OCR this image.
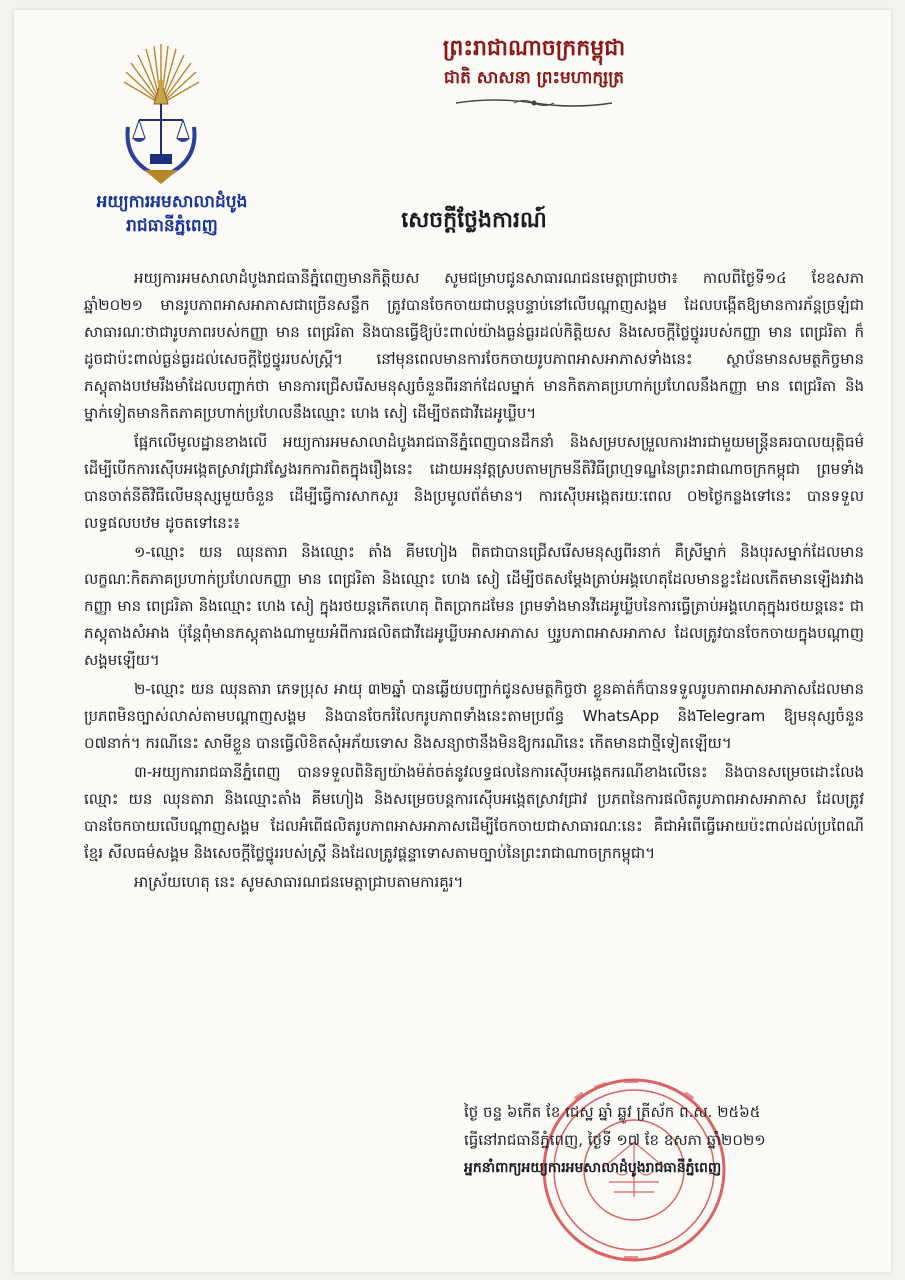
អយ្យការអមសាលាដំបូង
រាជធានីភ្នំពេញ
ព្រះរាជាណាចក្រកម្ពុជា
ជាតិ សាសនា ព្រះមហាក្សត្រ
សេចក្តីថ្លែងការណ៍

អយ្យការអមសាលាដំបូងរាជធានីភ្នំពេញមានកិត្តិយស សូមជម្រាបជូនសាធារណជនមេត្តាជ្រាបថា៖ កាលពីថ្ងៃទី១៤ ខែឧសភា ឆ្នាំ២០២១ មានរូបភាពអាសអាភាសជាច្រើនសន្លឹក ត្រូវបានចែកចាយជាបន្តបន្ទាប់នៅលើបណ្តាញសង្គម ដែលបង្កើតឱ្យមានការភ័ន្តច្រឡំជាសាធារណៈថាជារូបភាពរបស់កញ្ញា មាន ពេជ្ររិតា និងបានធ្វើឱ្យប៉ះពាល់យ៉ាងធ្ងន់ធ្ងរដល់កិត្តិយស និងសេចក្តីថ្លៃថ្នូររបស់កញ្ញា មាន ពេជ្ររិតា ក៏ដូចជាប៉ះពាល់ធ្ងន់ធ្ងរដល់សេចក្តីថ្លៃថ្នូររបស់ស្ត្រី។ នៅមុនពេលមានការចែកចាយរូបភាពអាសអាភាសទាំងនេះ ស្ថាប័នមានសមត្ថកិច្ចមានភស្តុតាងបឋមរឹងមាំដែលបញ្ជាក់ថា មានការជ្រើសរើសមនុស្សចំនួនពីរនាក់ដែលម្នាក់ មានកិតភាគប្រហាក់ប្រហែលនឹងកញ្ញា មាន ពេជ្ររិតា និងម្នាក់ទៀតមានកិតភាគប្រហាក់ប្រហែលនឹងឈ្មោះ ហេង សៀ ដើម្បីថតជាវីដេអូឃ្លីប។

ផ្អែកលើមូលដ្ឋានខាងលើ អយ្យការអមសាលាដំបូងរាជធានីភ្នំពេញបានដឹកនាំ និងសម្របសម្រួលការងារជាមួយមន្ត្រីនគរបាលយុត្តិធម៌ ដើម្បីបើកការស៊ើបអង្កេតស្រាវជ្រាវស្វែងរកការពិតក្នុងរឿងនេះ ដោយអនុវត្តស្របតាមក្រមនីតិវិធីព្រហ្មទណ្ឌនៃព្រះរាជាណាចក្រកម្ពុជា ព្រមទាំងបានចាត់នីតិវិធីលើមនុស្សមួយចំនួន ដើម្បីធ្វើការសាកសួរ និងប្រមូលព័ត៌មាន។ ការស៊ើបអង្កេតរយៈពេល ០២ថ្ងៃកន្លងទៅនេះ បានទទួលលទ្ធផលបឋម ដូចតទៅនេះ៖

១-ឈ្មោះ យន ឈុនតារា និងឈ្មោះ តាំង គីមហៀង ពិតជាបានជ្រើសរើសមនុស្សពីរនាក់ គឺស្រីម្នាក់ និងបុរសម្នាក់ដែលមានលក្ខណៈកិតភាគប្រហាក់ប្រហែលកញ្ញា មាន ពេជ្ររិតា និងឈ្មោះ ហេង សៀ ដើម្បីថតសម្តែងត្រាប់អង្គហេតុដែលមានខ្លះដែលកើតមានឡើងរវាងកញ្ញា មាន ពេជ្ររិតា និងឈ្មោះ ហេង សៀ ក្នុងរថយន្តកើតហេតុ ពិតប្រាកដមែន ព្រមទាំងមានវីដេអូឃ្លីបនៃការធ្វើត្រាប់អង្គហេតុក្នុងរថយន្តនេះ ជាភស្តុតាងសំអាង ប៉ុន្តែពុំមានភស្តុតាងណាមួយអំពីការផលិតជាវីដេអូឃ្លីបអាសអាភាស ឬរូបភាពអាសអាភាស ដែលត្រូវបានចែកចាយក្នុងបណ្តាញសង្គមឡើយ។

២-ឈ្មោះ យន ឈុនតារា ភេទប្រុស អាយុ ៣២ឆ្នាំ បានឆ្លើយបញ្ជាក់ជូនសមត្ថកិច្ចថា ខ្លួនគាត់ក៏បានទទួលរូបភាពអាសអាភាសដែលមានប្រភពមិនច្បាស់លាស់តាមបណ្តាញសង្គម និងបានចែករំលែករូបភាពទាំងនេះតាមប្រព័ន្ធ WhatsApp និងTelegram ឱ្យមនុស្សចំនួន ០៧នាក់។ ករណីនេះ សាមីខ្លួន បានធ្វើលិខិតសុំអភ័យទោស និងសន្យាថានឹងមិនឱ្យករណីនេះ កើតមានជាថ្មីទៀតឡើយ។

៣-អយ្យការរាជធានីភ្នំពេញ បានទទួលពិនិត្យយ៉ាងម៉ត់ចត់នូវលទ្ធផលនៃការស៊ើបអង្កេតករណីខាងលើនេះ និងបានសម្រេចដោះលែងឈ្មោះ យន ឈុនតារា និងឈ្មោះតាំង គីមហៀង និងសម្រេចបន្តការស៊ើបអង្កេតស្រាវជ្រាវ ប្រភពនៃការផលិតរូបភាពអាសអាភាស ដែលត្រូវបានចែកចាយលើបណ្តាញសង្គម ដែលអំពើផលិតរូបភាពអាសអាភាសដើម្បីចែកចាយជាសាធារណៈនេះ គឺជាអំពើធ្វើអោយប៉ះពាល់ដល់ប្រពៃណីខ្មែរ សីលធម៌សង្គម និងសេចក្តីថ្លៃថ្នូររបស់ស្ត្រី និងដែលត្រូវផ្តន្ទាទោសតាមច្បាប់នៃព្រះរាជាណាចក្រកម្ពុជា។

អាស្រ័យហេតុ នេះ សូមសាធារណជនមេត្តាជ្រាបតាមការគួរ។

ថ្ងៃ ចន្ទ ៦កើត ខែ ជេស្ឋ ឆ្នាំ ឆ្លូវ ត្រីស័ក ព.ស. ២៥៦៥
ធ្វើនៅរាជធានីភ្នំពេញ, ថ្ងៃទី ១៧ ខែ ឧសភា ឆ្នាំ២០២១
អ្នកនាំពាក្យអយ្យការអមសាលាដំបូងរាជធានីភ្នំពេញ
